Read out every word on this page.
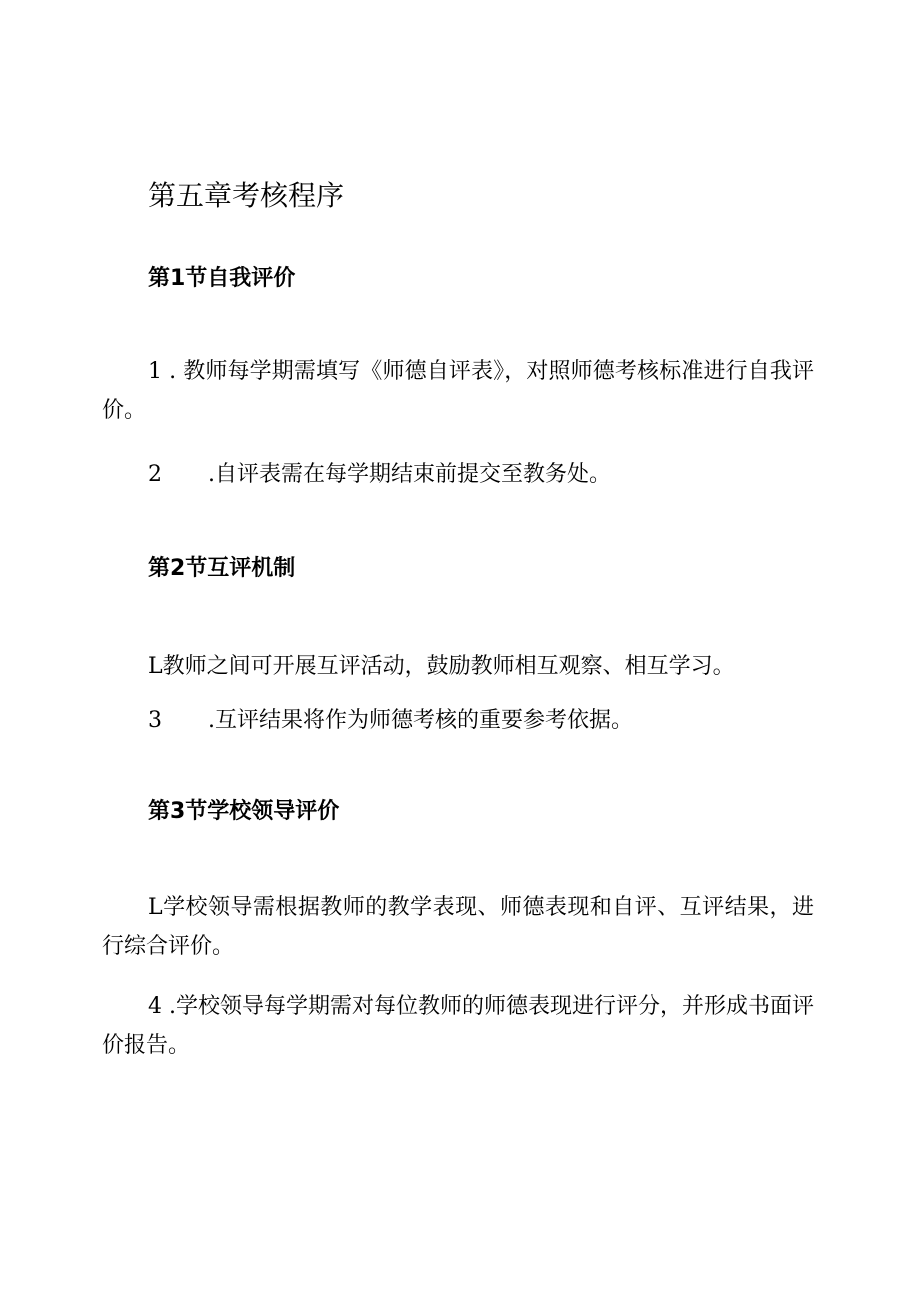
第五章考核程序
第1节自我评价

1 . 教师每学期需填写《师德自评表》，对照师德考核标准进行自我评价。

2 .自评表需在每学期结束前提交至教务处。

第2节互评机制

L教师之间可开展互评活动，鼓励教师相互观察、相互学习。

3 .互评结果将作为师德考核的重要参考依据。

第3节学校领导评价

L学校领导需根据教师的教学表现、师德表现和自评、互评结果，进行综合评价。

4 .学校领导每学期需对每位教师的师德表现进行评分，并形成书面评价报告。
